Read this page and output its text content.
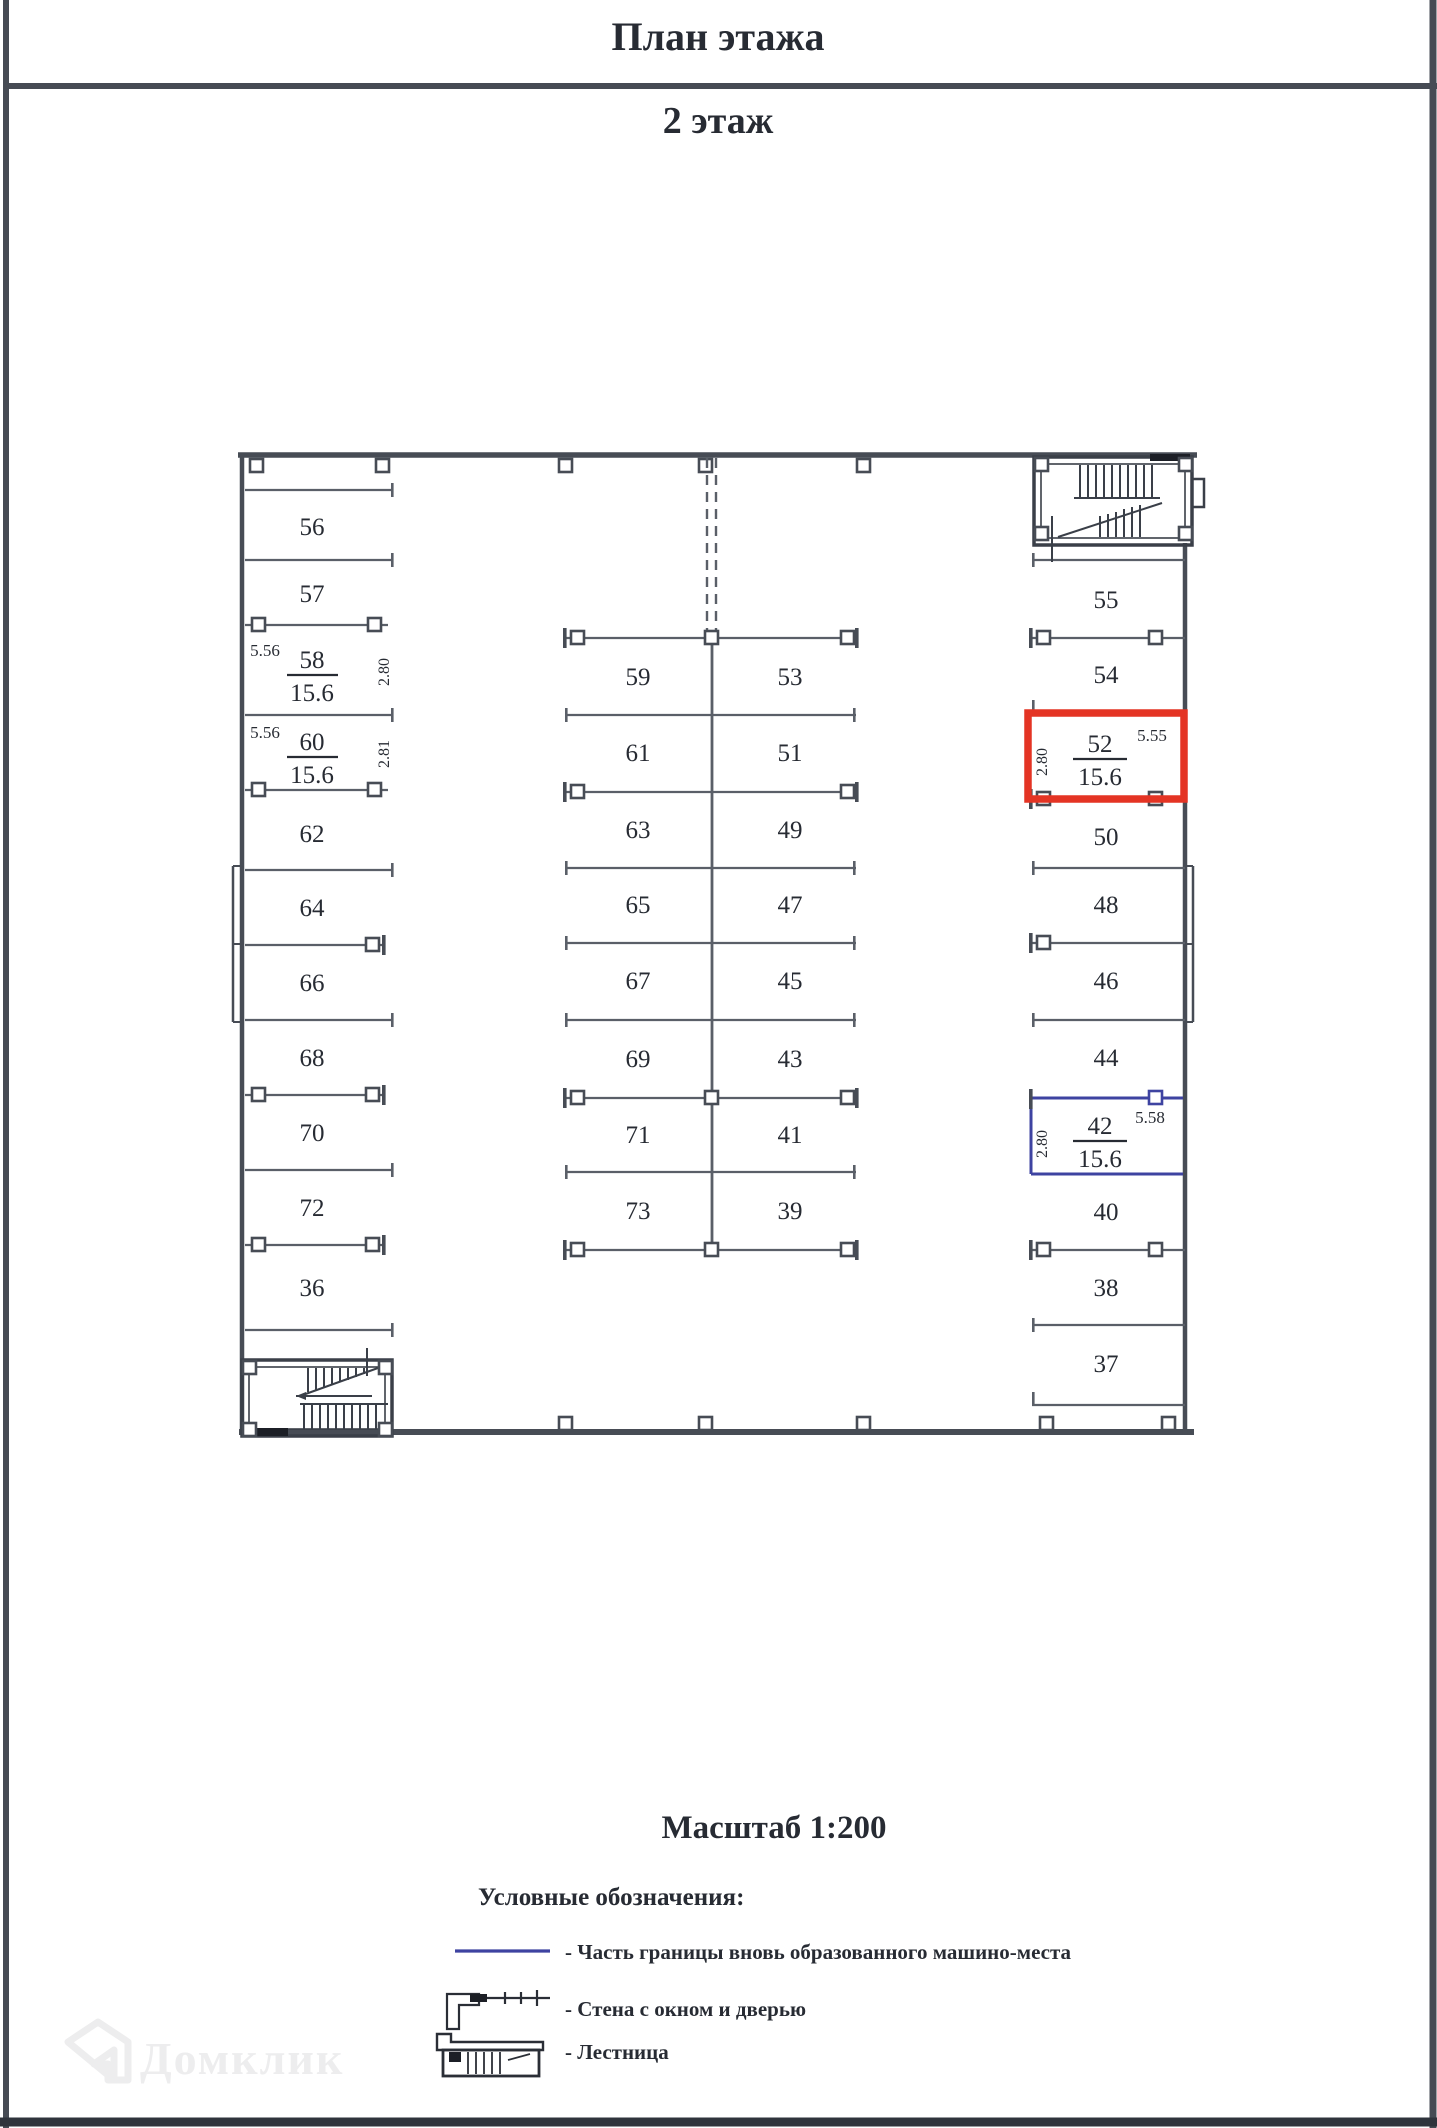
План этажа
2 этаж
56
57
62
64
66
68
70
72
36
5.56 58
15.6
2.80
5.56 60
15.6
2.81
59
61
63
65
67
69
71
73
53
51
49
47
45
43
41
39
55
54
50
48
46
44
40
38
37
52
15.6
5.55
2.80
42
15.6
5.58
2.80
Масштаб 1:200
Условные обозначения:
- Часть границы вновь образованного машино-места
- Стена с окном и дверью
- Лестница
Домклик
